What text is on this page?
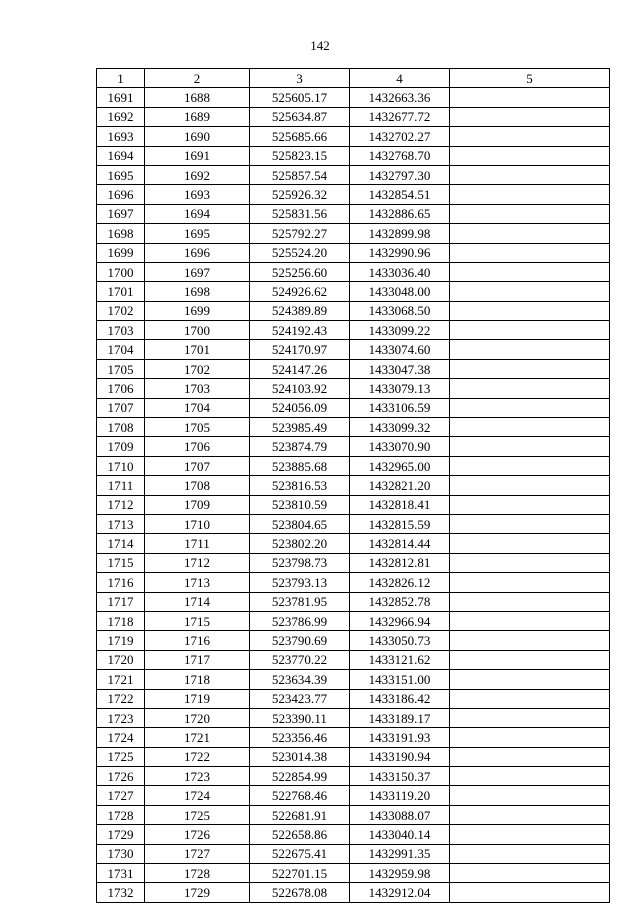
142
1	2	3	4	5
1691	1688	525605.17	1432663.36	
1692	1689	525634.87	1432677.72	
1693	1690	525685.66	1432702.27	
1694	1691	525823.15	1432768.70	
1695	1692	525857.54	1432797.30	
1696	1693	525926.32	1432854.51	
1697	1694	525831.56	1432886.65	
1698	1695	525792.27	1432899.98	
1699	1696	525524.20	1432990.96	
1700	1697	525256.60	1433036.40	
1701	1698	524926.62	1433048.00	
1702	1699	524389.89	1433068.50	
1703	1700	524192.43	1433099.22	
1704	1701	524170.97	1433074.60	
1705	1702	524147.26	1433047.38	
1706	1703	524103.92	1433079.13	
1707	1704	524056.09	1433106.59	
1708	1705	523985.49	1433099.32	
1709	1706	523874.79	1433070.90	
1710	1707	523885.68	1432965.00	
1711	1708	523816.53	1432821.20	
1712	1709	523810.59	1432818.41	
1713	1710	523804.65	1432815.59	
1714	1711	523802.20	1432814.44	
1715	1712	523798.73	1432812.81	
1716	1713	523793.13	1432826.12	
1717	1714	523781.95	1432852.78	
1718	1715	523786.99	1432966.94	
1719	1716	523790.69	1433050.73	
1720	1717	523770.22	1433121.62	
1721	1718	523634.39	1433151.00	
1722	1719	523423.77	1433186.42	
1723	1720	523390.11	1433189.17	
1724	1721	523356.46	1433191.93	
1725	1722	523014.38	1433190.94	
1726	1723	522854.99	1433150.37	
1727	1724	522768.46	1433119.20	
1728	1725	522681.91	1433088.07	
1729	1726	522658.86	1433040.14	
1730	1727	522675.41	1432991.35	
1731	1728	522701.15	1432959.98	
1732	1729	522678.08	1432912.04	
